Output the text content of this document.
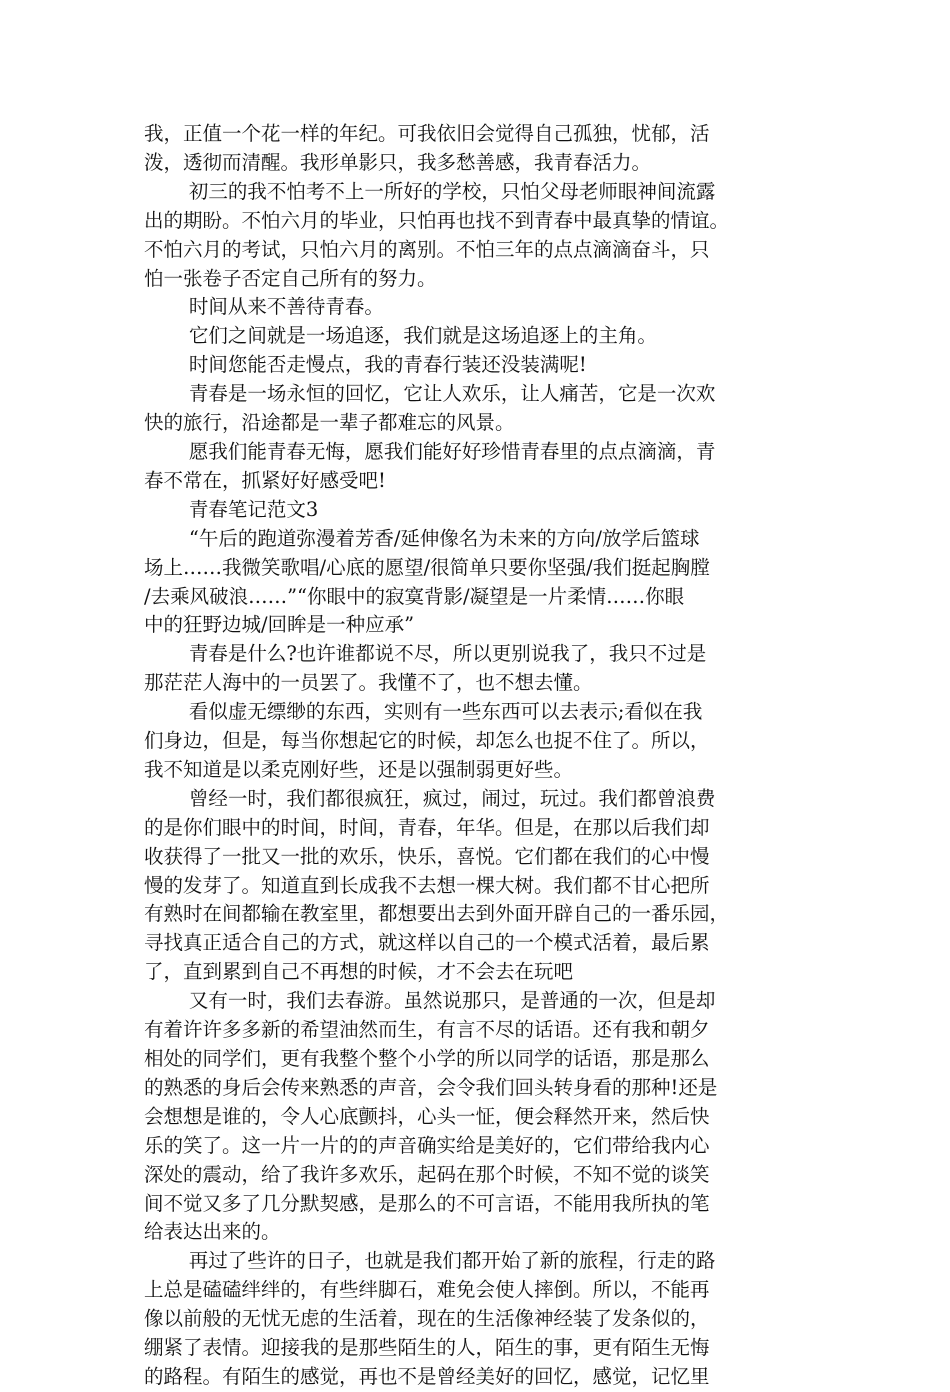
我，正值一个花一样的年纪。可我依旧会觉得自己孤独，忧郁，活
泼，透彻而清醒。我形单影只，我多愁善感，我青春活力。

初三的我不怕考不上一所好的学校，只怕父母老师眼神间流露
出的期盼。不怕六月的毕业，只怕再也找不到青春中最真挚的情谊。
不怕六月的考试，只怕六月的离别。不怕三年的点点滴滴奋斗，只
怕一张卷子否定自己所有的努力。

时间从来不善待青春。

它们之间就是一场追逐，我们就是这场追逐上的主角。

时间您能否走慢点，我的青春行装还没装满呢!

青春是一场永恒的回忆，它让人欢乐，让人痛苦，它是一次欢
快的旅行，沿途都是一辈子都难忘的风景。

愿我们能青春无悔，愿我们能好好珍惜青春里的点点滴滴，青
春不常在，抓紧好好感受吧!

青春笔记范文3

“午后的跑道弥漫着芳香/延伸像名为未来的方向/放学后篮球
场上……我微笑歌唱/心底的愿望/很简单只要你坚强/我们挺起胸膛
/去乘风破浪……”“你眼中的寂寞背影/凝望是一片柔情……你眼
中的狂野边城/回眸是一种应承”

青春是什么?也许谁都说不尽，所以更别说我了，我只不过是
那茫茫人海中的一员罢了。我懂不了，也不想去懂。

看似虚无缥缈的东西，实则有一些东西可以去表示;看似在我
们身边，但是，每当你想起它的时候，却怎么也捉不住了。所以，
我不知道是以柔克刚好些，还是以强制弱更好些。

曾经一时，我们都很疯狂，疯过，闹过，玩过。我们都曾浪费
的是你们眼中的时间，时间，青春，年华。但是，在那以后我们却
收获得了一批又一批的欢乐，快乐，喜悦。它们都在我们的心中慢
慢的发芽了。知道直到长成我不去想一棵大树。我们都不甘心把所
有熟时在间都输在教室里，都想要出去到外面开辟自己的一番乐园，
寻找真正适合自己的方式，就这样以自己的一个模式活着，最后累
了，直到累到自己不再想的时候，才不会去在玩吧

又有一时，我们去春游。虽然说那只，是普通的一次，但是却
有着许许多多新的希望油然而生，有言不尽的话语。还有我和朝夕
相处的同学们，更有我整个整个小学的所以同学的话语，那是那么
的熟悉的身后会传来熟悉的声音，会令我们回头转身看的那种!还是
会想想是谁的，令人心底颤抖，心头一怔，便会释然开来，然后快
乐的笑了。这一片一片的的声音确实给是美好的，它们带给我内心
深处的震动，给了我许多欢乐，起码在那个时候，不知不觉的谈笑
间不觉又多了几分默契感，是那么的不可言语，不能用我所执的笔
给表达出来的。

再过了些许的日子，也就是我们都开始了新的旅程，行走的路
上总是磕磕绊绊的，有些绊脚石，难免会使人摔倒。所以，不能再
像以前般的无忧无虑的生活着，现在的生活像神经装了发条似的，
绷紧了表情。迎接我的是那些陌生的人，陌生的事，更有陌生无悔
的路程。有陌生的感觉，再也不是曾经美好的回忆，感觉，记忆里
